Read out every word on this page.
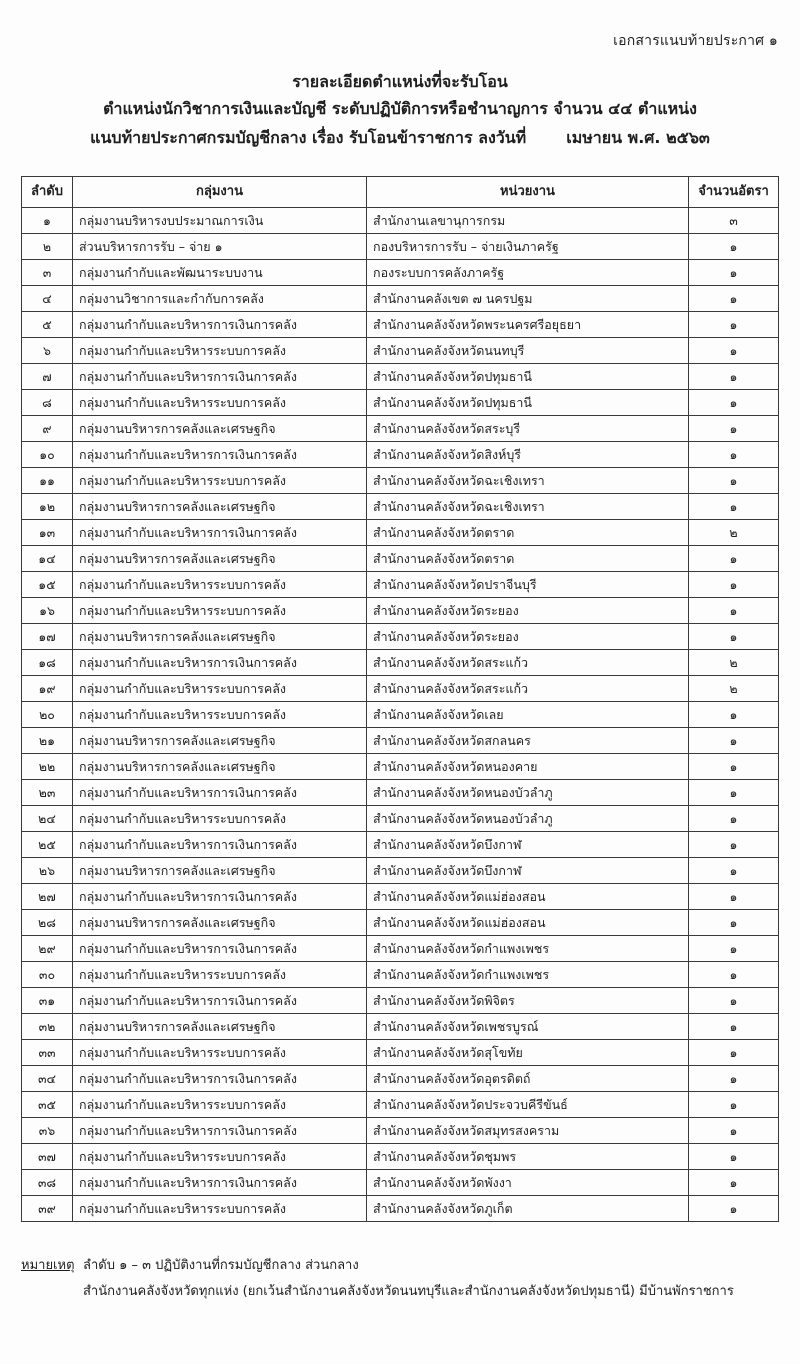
เอกสารแนบท้ายประกาศ ๑
รายละเอียดตำแหน่งที่จะรับโอน
ตำแหน่งนักวิชาการเงินและบัญชี ระดับปฏิบัติการหรือชำนาญการ จำนวน ๔๔ ตำแหน่ง
แนบท้ายประกาศกรมบัญชีกลาง เรื่อง รับโอนข้าราชการ ลงวันที่	เมษายน พ.ศ. ๒๕๖๓
ลำดับ	กลุ่มงาน	หน่วยงาน	จำนวนอัตรา
๑	กลุ่มงานบริหารงบประมาณการเงิน	สำนักงานเลขานุการกรม	๓
๒	ส่วนบริหารการรับ – จ่าย ๑	กองบริหารการรับ – จ่ายเงินภาครัฐ	๑
๓	กลุ่มงานกำกับและพัฒนาระบบงาน	กองระบบการคลังภาครัฐ	๑
๔	กลุ่มงานวิชาการและกำกับการคลัง	สำนักงานคลังเขต ๗ นครปฐม	๑
๕	กลุ่มงานกำกับและบริหารการเงินการคลัง	สำนักงานคลังจังหวัดพระนครศรีอยุธยา	๑
๖	กลุ่มงานกำกับและบริหารระบบการคลัง	สำนักงานคลังจังหวัดนนทบุรี	๑
๗	กลุ่มงานกำกับและบริหารการเงินการคลัง	สำนักงานคลังจังหวัดปทุมธานี	๑
๘	กลุ่มงานกำกับและบริหารระบบการคลัง	สำนักงานคลังจังหวัดปทุมธานี	๑
๙	กลุ่มงานบริหารการคลังและเศรษฐกิจ	สำนักงานคลังจังหวัดสระบุรี	๑
๑๐	กลุ่มงานกำกับและบริหารการเงินการคลัง	สำนักงานคลังจังหวัดสิงห์บุรี	๑
๑๑	กลุ่มงานกำกับและบริหารระบบการคลัง	สำนักงานคลังจังหวัดฉะเชิงเทรา	๑
๑๒	กลุ่มงานบริหารการคลังและเศรษฐกิจ	สำนักงานคลังจังหวัดฉะเชิงเทรา	๑
๑๓	กลุ่มงานกำกับและบริหารการเงินการคลัง	สำนักงานคลังจังหวัดตราด	๒
๑๔	กลุ่มงานบริหารการคลังและเศรษฐกิจ	สำนักงานคลังจังหวัดตราด	๑
๑๕	กลุ่มงานกำกับและบริหารระบบการคลัง	สำนักงานคลังจังหวัดปราจีนบุรี	๑
๑๖	กลุ่มงานกำกับและบริหารระบบการคลัง	สำนักงานคลังจังหวัดระยอง	๑
๑๗	กลุ่มงานบริหารการคลังและเศรษฐกิจ	สำนักงานคลังจังหวัดระยอง	๑
๑๘	กลุ่มงานกำกับและบริหารการเงินการคลัง	สำนักงานคลังจังหวัดสระแก้ว	๒
๑๙	กลุ่มงานกำกับและบริหารระบบการคลัง	สำนักงานคลังจังหวัดสระแก้ว	๒
๒๐	กลุ่มงานกำกับและบริหารระบบการคลัง	สำนักงานคลังจังหวัดเลย	๑
๒๑	กลุ่มงานบริหารการคลังและเศรษฐกิจ	สำนักงานคลังจังหวัดสกลนคร	๑
๒๒	กลุ่มงานบริหารการคลังและเศรษฐกิจ	สำนักงานคลังจังหวัดหนองคาย	๑
๒๓	กลุ่มงานกำกับและบริหารการเงินการคลัง	สำนักงานคลังจังหวัดหนองบัวลำภู	๑
๒๔	กลุ่มงานกำกับและบริหารระบบการคลัง	สำนักงานคลังจังหวัดหนองบัวลำภู	๑
๒๕	กลุ่มงานกำกับและบริหารการเงินการคลัง	สำนักงานคลังจังหวัดบึงกาฬ	๑
๒๖	กลุ่มงานบริหารการคลังและเศรษฐกิจ	สำนักงานคลังจังหวัดบึงกาฬ	๑
๒๗	กลุ่มงานกำกับและบริหารการเงินการคลัง	สำนักงานคลังจังหวัดแม่ฮ่องสอน	๑
๒๘	กลุ่มงานบริหารการคลังและเศรษฐกิจ	สำนักงานคลังจังหวัดแม่ฮ่องสอน	๑
๒๙	กลุ่มงานกำกับและบริหารการเงินการคลัง	สำนักงานคลังจังหวัดกำแพงเพชร	๑
๓๐	กลุ่มงานกำกับและบริหารระบบการคลัง	สำนักงานคลังจังหวัดกำแพงเพชร	๑
๓๑	กลุ่มงานกำกับและบริหารการเงินการคลัง	สำนักงานคลังจังหวัดพิจิตร	๑
๓๒	กลุ่มงานบริหารการคลังและเศรษฐกิจ	สำนักงานคลังจังหวัดเพชรบูรณ์	๑
๓๓	กลุ่มงานกำกับและบริหารระบบการคลัง	สำนักงานคลังจังหวัดสุโขทัย	๑
๓๔	กลุ่มงานกำกับและบริหารการเงินการคลัง	สำนักงานคลังจังหวัดอุตรดิตถ์	๑
๓๕	กลุ่มงานกำกับและบริหารระบบการคลัง	สำนักงานคลังจังหวัดประจวบคีรีขันธ์	๑
๓๖	กลุ่มงานกำกับและบริหารการเงินการคลัง	สำนักงานคลังจังหวัดสมุทรสงคราม	๑
๓๗	กลุ่มงานกำกับและบริหารระบบการคลัง	สำนักงานคลังจังหวัดชุมพร	๑
๓๘	กลุ่มงานกำกับและบริหารการเงินการคลัง	สำนักงานคลังจังหวัดพังงา	๑
๓๙	กลุ่มงานกำกับและบริหารระบบการคลัง	สำนักงานคลังจังหวัดภูเก็ต	๑
หมายเหตุ ลำดับ ๑ – ๓ ปฏิบัติงานที่กรมบัญชีกลาง ส่วนกลาง
สำนักงานคลังจังหวัดทุกแห่ง (ยกเว้นสำนักงานคลังจังหวัดนนทบุรีและสำนักงานคลังจังหวัดปทุมธานี) มีบ้านพักราชการ
